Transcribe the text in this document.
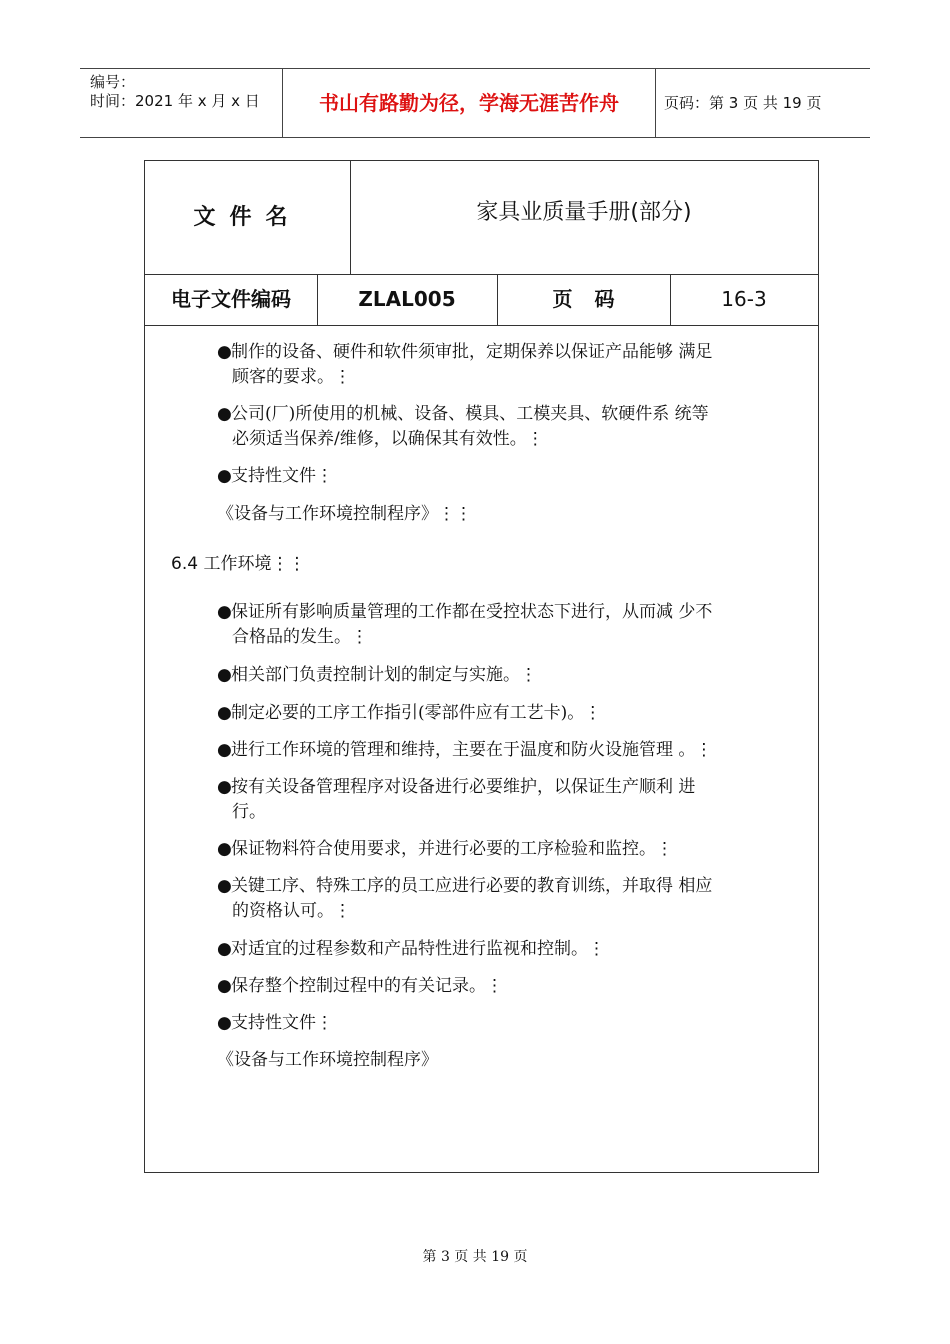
编号：
时间：2021 年 x 月 x 日	书山有路勤为径，学海无涯苦作舟	页码：第 3 页 共 19 页
文件名	家具业质量手册(部分)
电子文件编码	ZLAL005	页码	16-3
●制作的设备、硬件和软件须审批，定期保养以保证产品能够 满足
顾客的要求。⋮
●公司(厂)所使用的机械、设备、模具、工模夹具、软硬件系 统等
必须适当保养/维修，以确保其有效性。⋮
●支持性文件⋮
《设备与工作环境控制程序》⋮⋮
6.4 工作环境⋮⋮
●保证所有影响质量管理的工作都在受控状态下进行，从而减 少不
合格品的发生。⋮
●相关部门负责控制计划的制定与实施。⋮
●制定必要的工序工作指引(零部件应有工艺卡)。⋮
●进行工作环境的管理和维持，主要在于温度和防火设施管理 。⋮
●按有关设备管理程序对设备进行必要维护，以保证生产顺利 进
行。
●保证物料符合使用要求，并进行必要的工序检验和监控。⋮
●关键工序、特殊工序的员工应进行必要的教育训练，并取得 相应
的资格认可。⋮
●对适宜的过程参数和产品特性进行监视和控制。⋮
●保存整个控制过程中的有关记录。⋮
●支持性文件⋮
《设备与工作环境控制程序》
第 3 页 共 19 页
